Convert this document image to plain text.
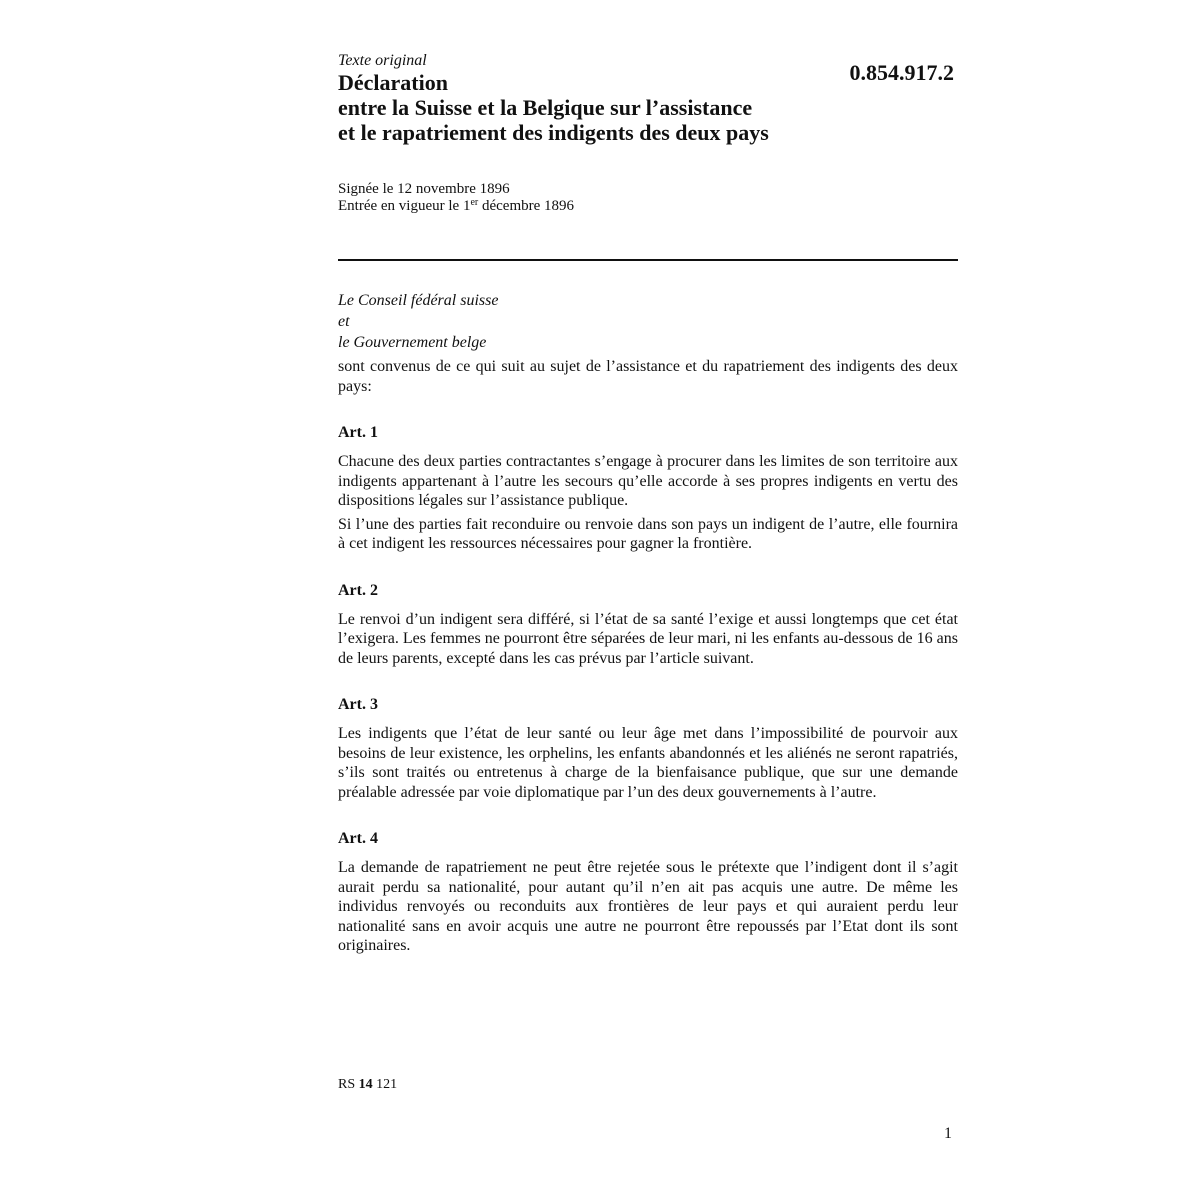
Texte original	0.854.917.2
Déclaration
entre la Suisse et la Belgique sur l’assistance
et le rapatriement des indigents des deux pays
Signée le 12 novembre 1896
Entrée en vigueur le 1er décembre 1896
Le Conseil fédéral suisse
et
le Gouvernement belge

sont convenus de ce qui suit au sujet de l’assistance et du rapatriement des indigents des deux pays:

Art. 1

Chacune des deux parties contractantes s’engage à procurer dans les limites de son territoire aux indigents appartenant à l’autre les secours qu’elle accorde à ses propres indigents en vertu des dispositions légales sur l’assistance publique.

Si l’une des parties fait reconduire ou renvoie dans son pays un indigent de l’autre, elle fournira à cet indigent les ressources nécessaires pour gagner la frontière.

Art. 2

Le renvoi d’un indigent sera différé, si l’état de sa santé l’exige et aussi longtemps que cet état l’exigera. Les femmes ne pourront être séparées de leur mari, ni les enfants au-dessous de 16 ans de leurs parents, excepté dans les cas prévus par l’article suivant.

Art. 3

Les indigents que l’état de leur santé ou leur âge met dans l’impossibilité de pourvoir aux besoins de leur existence, les orphelins, les enfants abandonnés et les aliénés ne seront rapatriés, s’ils sont traités ou entretenus à charge de la bienfaisance publique, que sur une demande préalable adressée par voie diplomatique par l’un des deux gouvernements à l’autre.

Art. 4

La demande de rapatriement ne peut être rejetée sous le prétexte que l’indigent dont il s’agit aurait perdu sa nationalité, pour autant qu’il n’en ait pas acquis une autre. De même les individus renvoyés ou reconduits aux frontières de leur pays et qui auraient perdu leur nationalité sans en avoir acquis une autre ne pourront être repoussés par l’Etat dont ils sont originaires.

RS 14 121
1
